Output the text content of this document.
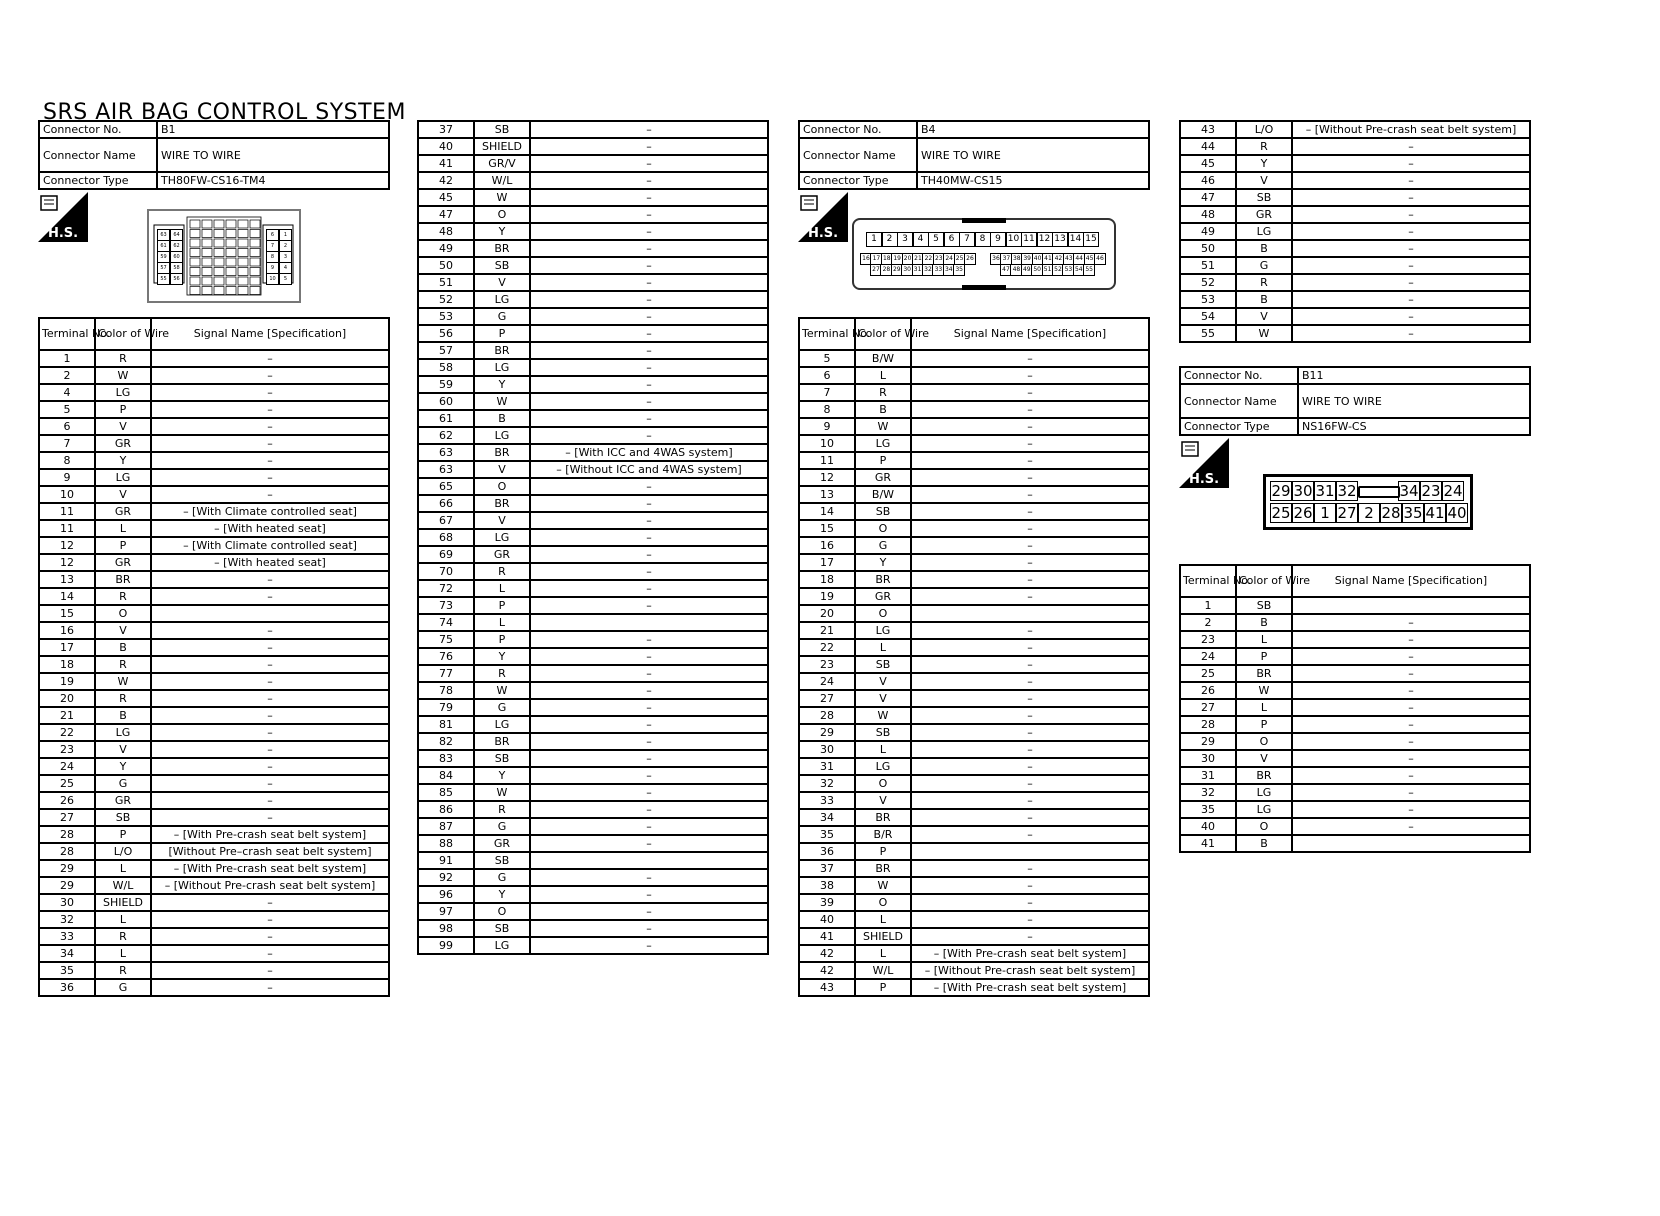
SRS AIR BAG CONTROL SYSTEM
Connector No.	B1
Connector Name	WIRE TO WIRE
Connector Type	TH80FW-CS16-TM4
H.S.	63	64
61	62
59	60
57	58
55	56
6	1
7	2
8	3
9	4
10	5
Terminal No.	Color of Wire	Signal Name [Specification]
1	R	–
2	W	–
4	LG	–
5	P	–
6	V	–
7	GR	–
8	Y	–
9	LG	–
10	V	–
11	GR	– [With Climate controlled seat]
11	L	– [With heated seat]
12	P	– [With Climate controlled seat]
12	GR	– [With heated seat]
13	BR	–
14	R	–
15	O	
16	V	–
17	B	–
18	R	–
19	W	–
20	R	–
21	B	–
22	LG	–
23	V	–
24	Y	–
25	G	–
26	GR	–
27	SB	–
28	P	– [With Pre-crash seat belt system]
28	L/O	[Without Pre–crash seat belt system]
29	L	– [With Pre-crash seat belt system]
29	W/L	– [Without Pre-crash seat belt system]
30	SHIELD	–
32	L	–
33	R	–
34	L	–
35	R	–
36	G	–
37	SB	–
40	SHIELD	–
41	GR/V	–
42	W/L	–
45	W	–
47	O	–
48	Y	–
49	BR	–
50	SB	–
51	V	–
52	LG	–
53	G	–
56	P	–
57	BR	–
58	LG	–
59	Y	–
60	W	–
61	B	–
62	LG	–
63	BR	– [With ICC and 4WAS system]
63	V	– [Without ICC and 4WAS system]
65	O	–
66	BR	–
67	V	–
68	LG	–
69	GR	–
70	R	–
72	L	–
73	P	–
74	L	
75	P	–
76	Y	–
77	R	–
78	W	–
79	G	–
81	LG	–
82	BR	–
83	SB	–
84	Y	–
85	W	–
86	R	–
87	G	–
88	GR	–
91	SB	
92	G	–
96	Y	–
97	O	–
98	SB	–
99	LG	–
Connector No.	B4
Connector Name	WIRE TO WIRE
Connector Type	TH40MW-CS15
H.S.	1	2	3	4	5	6	7	8	9 10 11 12 13 14 15
16 17 18 19 20 21 22 23 24 25 26	36 37 38 39 40 41 42 43 44 45 46
27 28 29 30 31 32 33 34 35	47 48 49 50 51 52 53 54 55
Terminal No.	Color of Wire	Signal Name [Specification]
5	B/W	–
6	L	–
7	R	–
8	B	–
9	W	–
10	LG	–
11	P	–
12	GR	–
13	B/W	–
14	SB	–
15	O	–
16	G	–
17	Y	–
18	BR	–
19	GR	–
20	O	
21	LG	–
22	L	–
23	SB	–
24	V	–
27	V	–
28	W	–
29	SB	–
30	L	–
31	LG	–
32	O	–
33	V	–
34	BR	–
35	B/R	–
36	P	
37	BR	–
38	W	–
39	O	–
40	L	–
41	SHIELD	–
42	L	– [With Pre-crash seat belt system]
42	W/L	– [Without Pre-crash seat belt system]
43	P	– [With Pre-crash seat belt system]
43	L/O	– [Without Pre-crash seat belt system]
44	R	–
45	Y	–
46	V	–
47	SB	–
48	GR	–
49	LG	–
50	B	–
51	G	–
52	R	–
53	B	–
54	V	–
55	W	–
Connector No.	B11
Connector Name	WIRE TO WIRE
Connector Type	NS16FW-CS
H.S.
29 30 31 32	34 23 24
25 26 1 27 2 28 35 41 40
Terminal No.	Color of Wire	Signal Name [Specification]
1	SB	
2	B	–
23	L	–
24	P	–
25	BR	–
26	W	–
27	L	–
28	P	–
29	O	–
30	V	–
31	BR	–
32	LG	–
35	LG	–
40	O	–
41	B	
